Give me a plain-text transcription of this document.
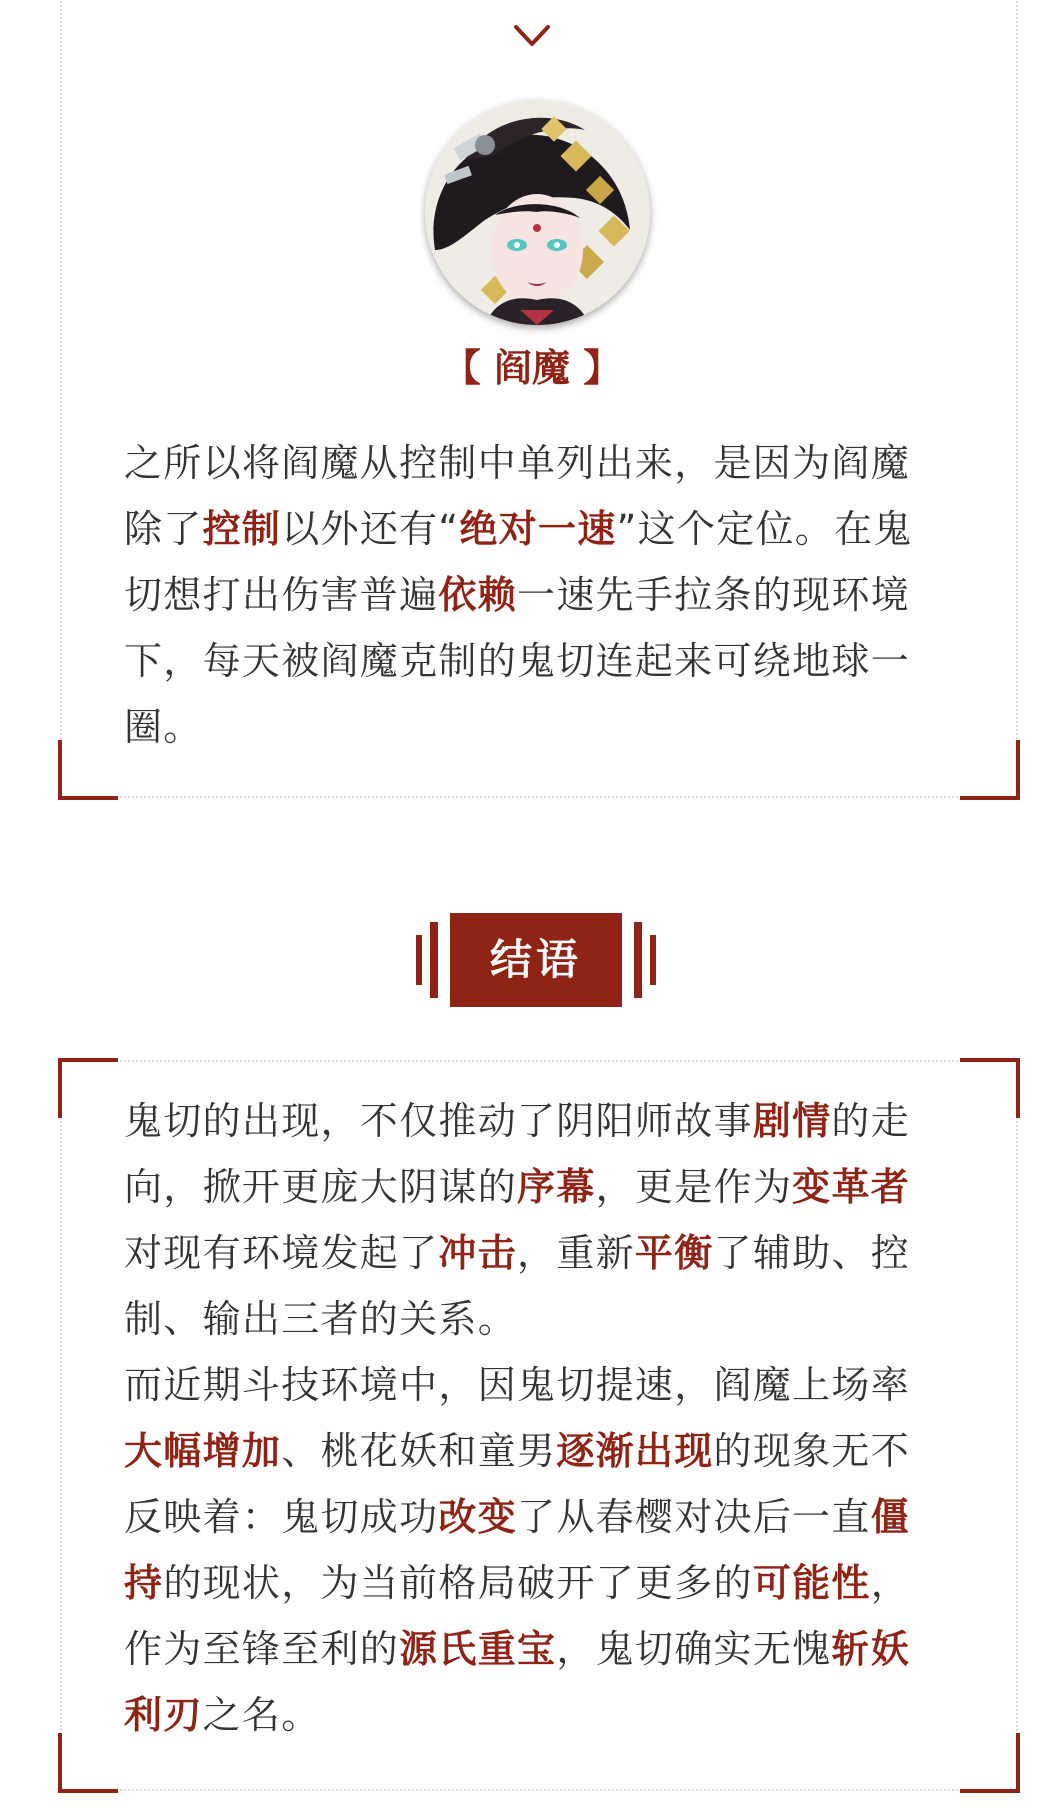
【 阎魔 】

之所以将阎魔从控制中单列出来，是因为阎魔除了控制以外还有“绝对一速”这个定位。在鬼切想打出伤害普遍依赖一速先手拉条的现环境下，每天被阎魔克制的鬼切连起来可绕地球一圈。

结语

鬼切的出现，不仅推动了阴阳师故事剧情的走向，掀开更庞大阴谋的序幕，更是作为变革者对现有环境发起了冲击，重新平衡了辅助、控制、输出三者的关系。

而近期斗技环境中，因鬼切提速，阎魔上场率大幅增加、桃花妖和童男逐渐出现的现象无不反映着：鬼切成功改变了从春樱对决后一直僵持的现状，为当前格局破开了更多的可能性，作为至锋至利的源氏重宝，鬼切确实无愧斩妖利刃之名。
